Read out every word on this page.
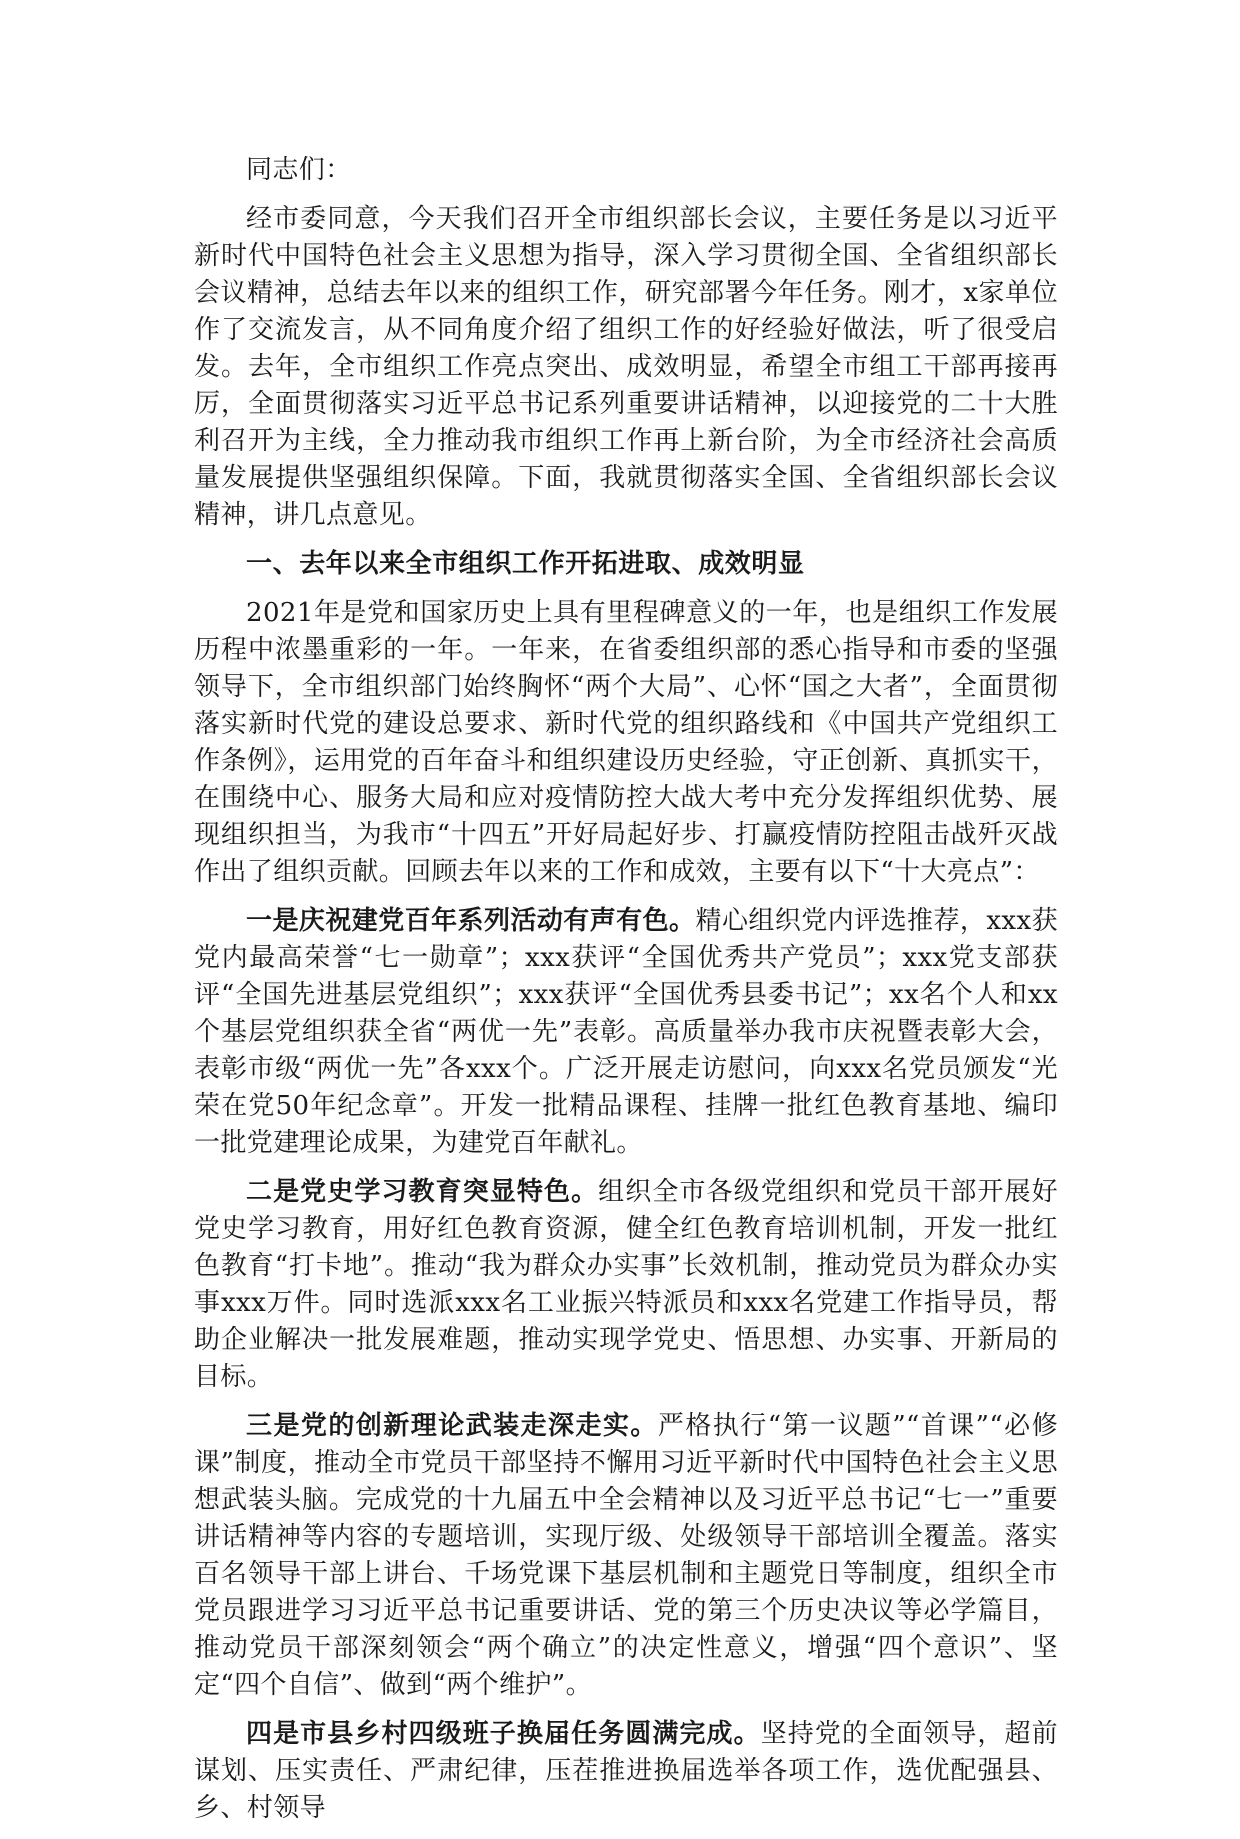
同志们：

经市委同意，今天我们召开全市组织部长会议，主要任务是以习近平新时代中国特色社会主义思想为指导，深入学习贯彻全国、全省组织部长会议精神，总结去年以来的组织工作，研究部署今年任务。刚才，x家单位作了交流发言，从不同角度介绍了组织工作的好经验好做法，听了很受启发。去年，全市组织工作亮点突出、成效明显，希望全市组工干部再接再厉，全面贯彻落实习近平总书记系列重要讲话精神，以迎接党的二十大胜利召开为主线，全力推动我市组织工作再上新台阶，为全市经济社会高质量发展提供坚强组织保障。下面，我就贯彻落实全国、全省组织部长会议精神，讲几点意见。

一、去年以来全市组织工作开拓进取、成效明显

2021年是党和国家历史上具有里程碑意义的一年，也是组织工作发展历程中浓墨重彩的一年。一年来，在省委组织部的悉心指导和市委的坚强领导下，全市组织部门始终胸怀“两个大局”、心怀“国之大者”，全面贯彻落实新时代党的建设总要求、新时代党的组织路线和《中国共产党组织工作条例》，运用党的百年奋斗和组织建设历史经验，守正创新、真抓实干，在围绕中心、服务大局和应对疫情防控大战大考中充分发挥组织优势、展现组织担当，为我市“十四五”开好局起好步、打赢疫情防控阻击战歼灭战作出了组织贡献。回顾去年以来的工作和成效，主要有以下“十大亮点”：

一是庆祝建党百年系列活动有声有色。精心组织党内评选推荐，xxx获党内最高荣誉“七一勋章”；xxx获评“全国优秀共产党员”；xxx党支部获评“全国先进基层党组织”；xxx获评“全国优秀县委书记”；xx名个人和xx个基层党组织获全省“两优一先”表彰。高质量举办我市庆祝暨表彰大会，表彰市级“两优一先”各xxx个。广泛开展走访慰问，向xxx名党员颁发“光荣在党50年纪念章”。开发一批精品课程、挂牌一批红色教育基地、编印一批党建理论成果，为建党百年献礼。

二是党史学习教育突显特色。组织全市各级党组织和党员干部开展好党史学习教育，用好红色教育资源，健全红色教育培训机制，开发一批红色教育“打卡地”。推动“我为群众办实事”长效机制，推动党员为群众办实事xxx万件。同时选派xxx名工业振兴特派员和xxx名党建工作指导员，帮助企业解决一批发展难题，推动实现学党史、悟思想、办实事、开新局的目标。

三是党的创新理论武装走深走实。严格执行“第一议题”“首课”“必修课”制度，推动全市党员干部坚持不懈用习近平新时代中国特色社会主义思想武装头脑。完成党的十九届五中全会精神以及习近平总书记“七一”重要讲话精神等内容的专题培训，实现厅级、处级领导干部培训全覆盖。落实百名领导干部上讲台、千场党课下基层机制和主题党日等制度，组织全市党员跟进学习习近平总书记重要讲话、党的第三个历史决议等必学篇目，推动党员干部深刻领会“两个确立”的决定性意义，增强“四个意识”、坚定“四个自信”、做到“两个维护”。

四是市县乡村四级班子换届任务圆满完成。坚持党的全面领导，超前谋划、压实责任、严肃纪律，压茬推进换届选举各项工作，选优配强县、乡、村领导
